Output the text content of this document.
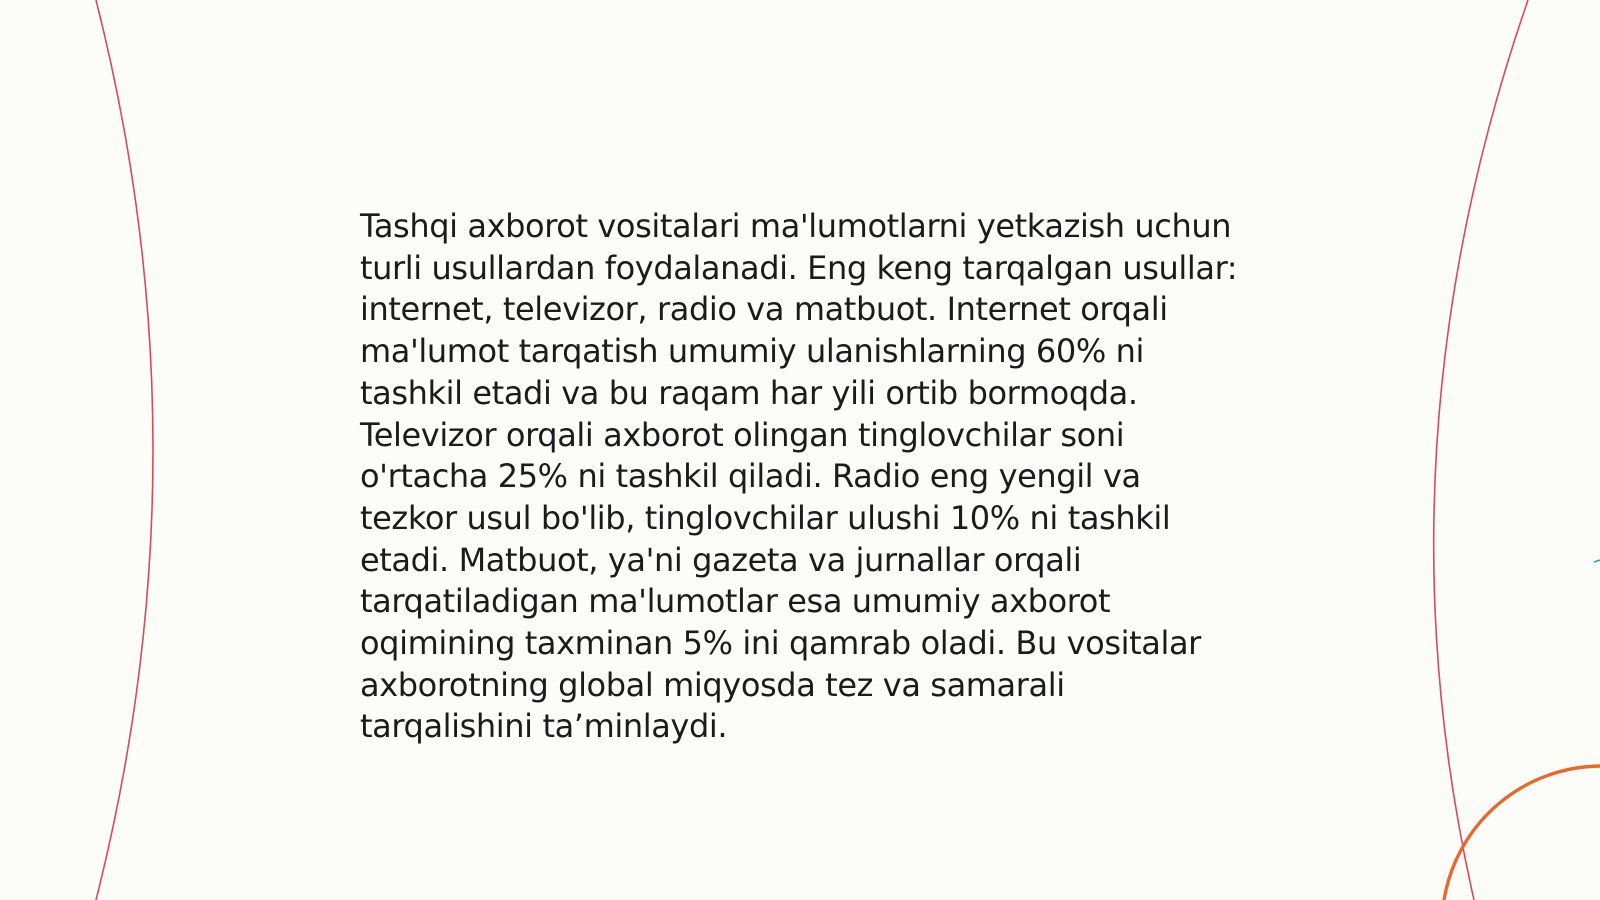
Tashqi axborot vositalari ma'lumotlarni yetkazish uchun turli usullardan foydalanadi. Eng keng tarqalgan usullar: internet, televizor, radio va matbuot. Internet orqali ma'lumot tarqatish umumiy ulanishlarning 60% ni tashkil etadi va bu raqam har yili ortib bormoqda. Televizor orqali axborot olingan tinglovchilar soni o'rtacha 25% ni tashkil qiladi. Radio eng yengil va tezkor usul bo'lib, tinglovchilar ulushi 10% ni tashkil etadi. Matbuot, ya'ni gazeta va jurnallar orqali tarqatiladigan ma'lumotlar esa umumiy axborot oqimining taxminan 5% ini qamrab oladi. Bu vositalar axborotning global miqyosda tez va samarali tarqalishini ta’minlaydi.
